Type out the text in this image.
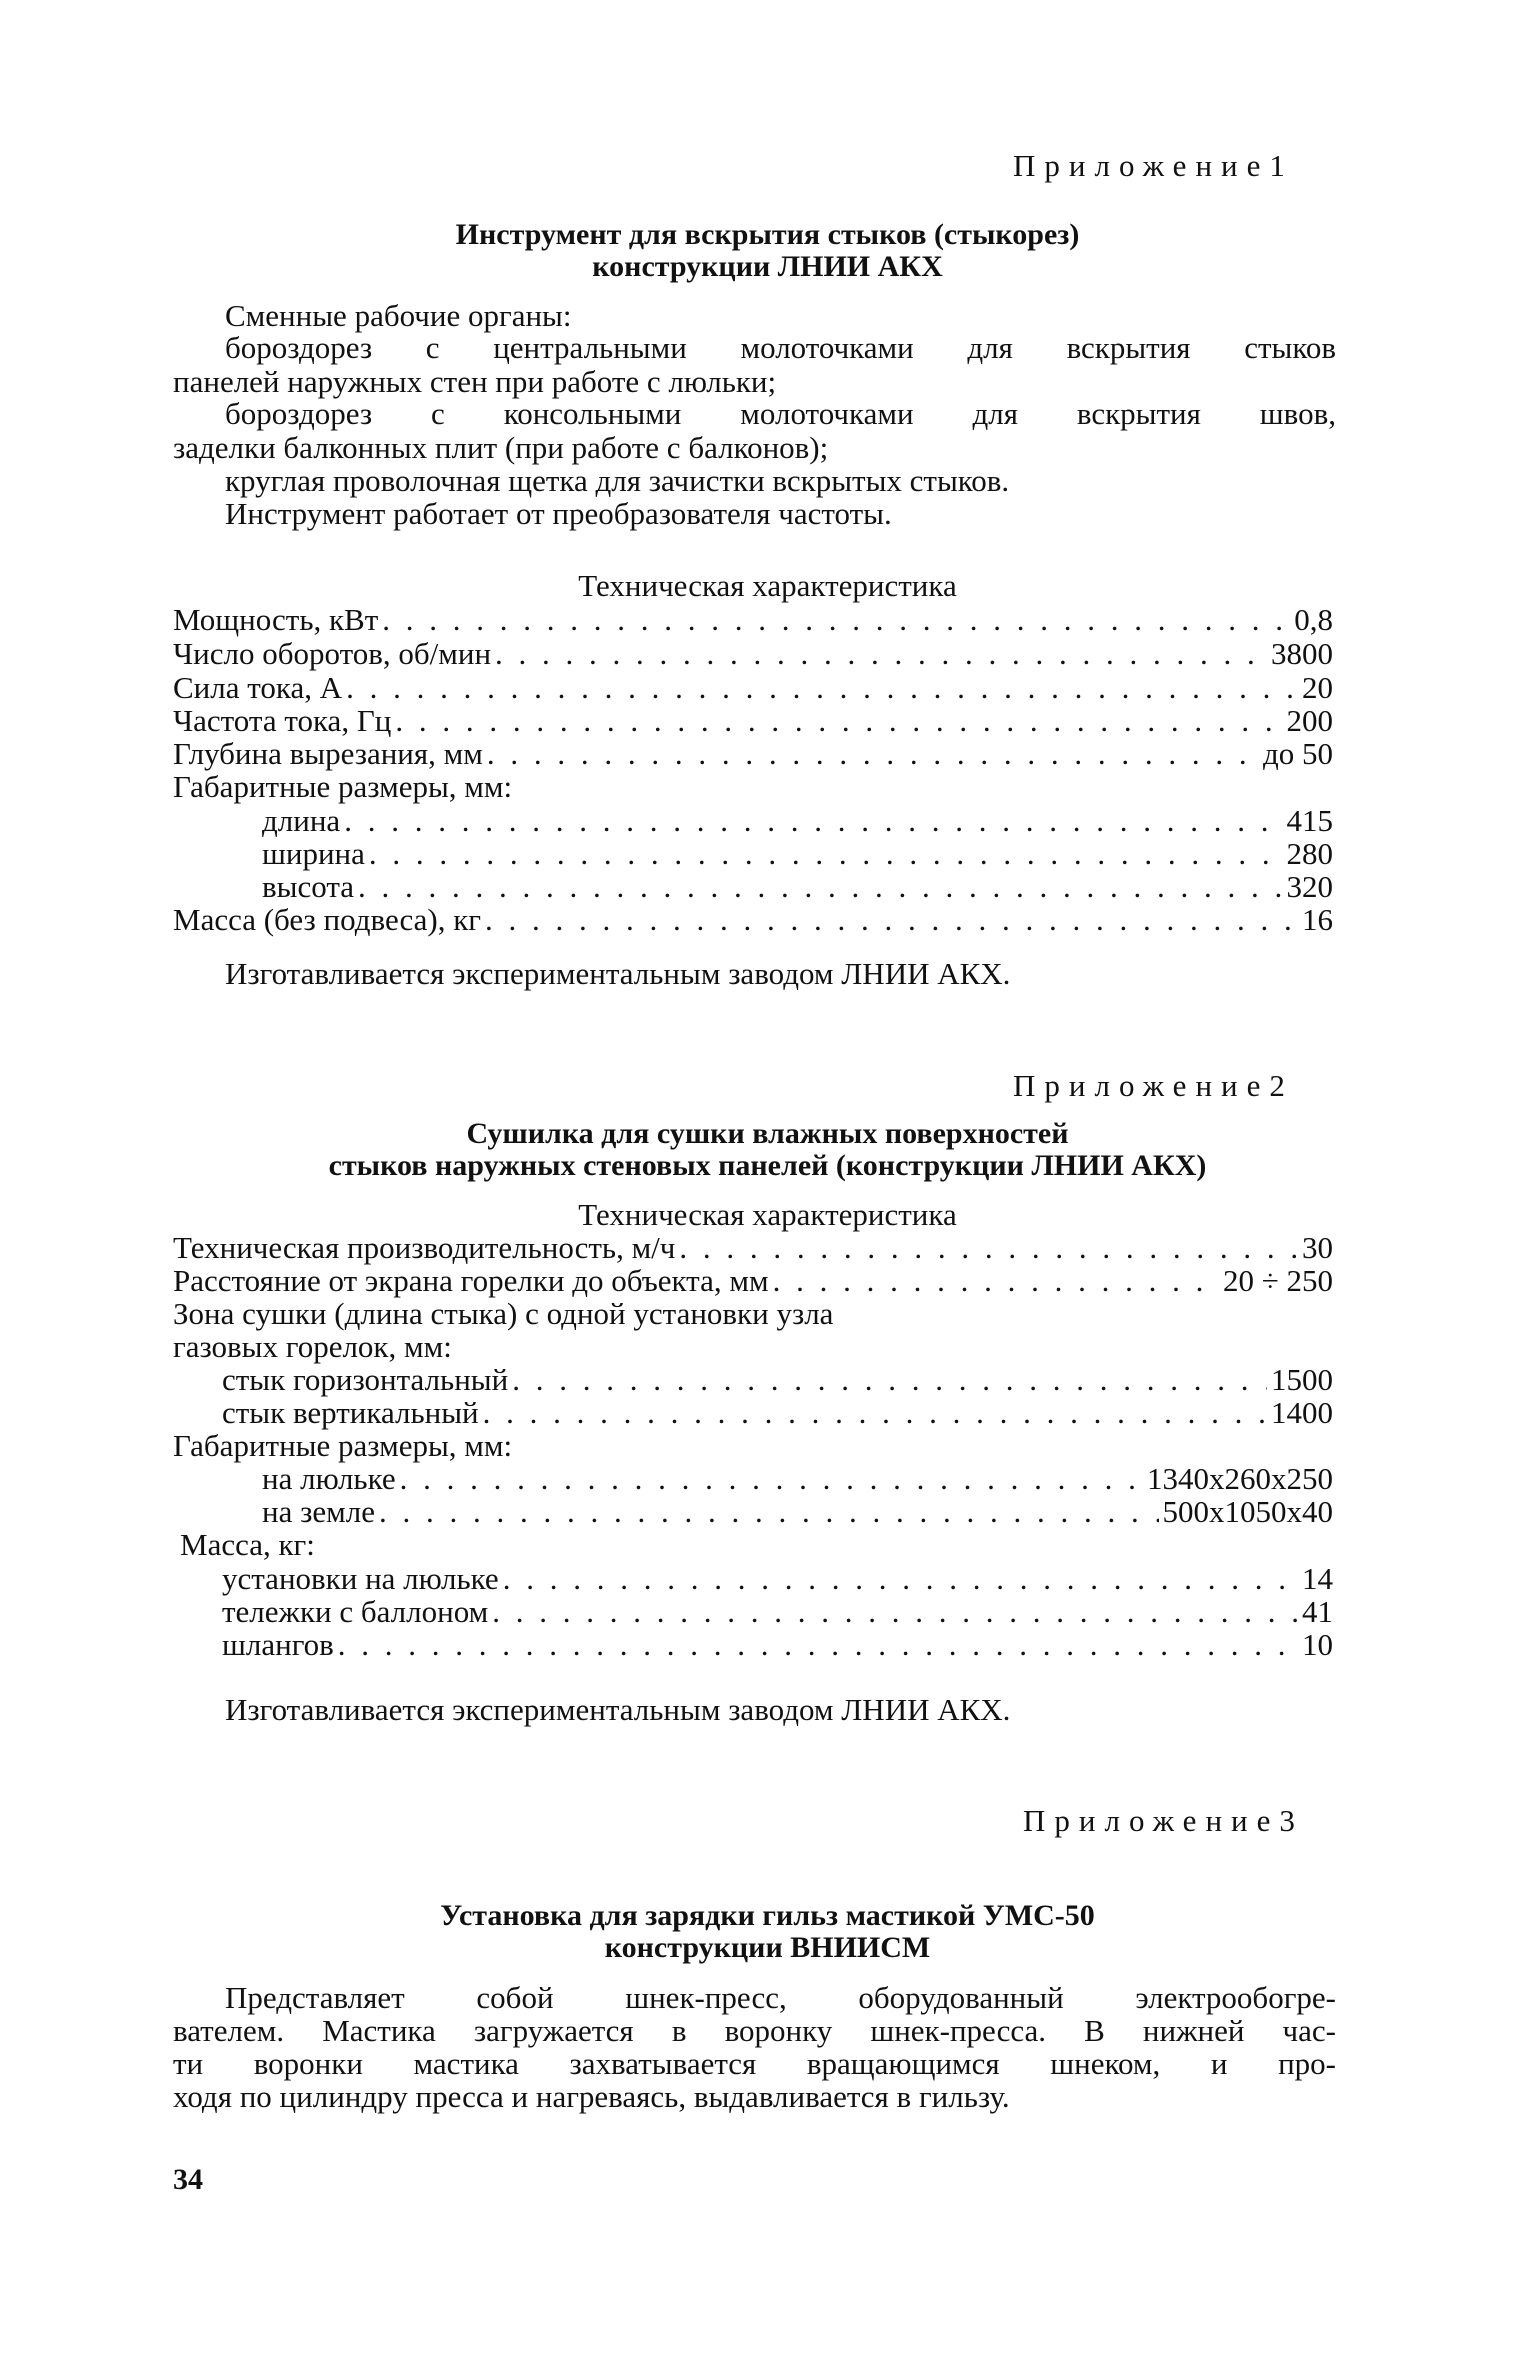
Приложение1
Инструмент для вскрытия стыков (стыкорез)
конструкции ЛНИИ АКХ
Сменные рабочие органы:
бороздорез с центральными молоточками для вскрытия стыков
панелей наружных стен при работе с люльки;
бороздорез с консольными молоточками для вскрытия швов,
заделки балконных плит (при работе с балконов);
круглая проволочная щетка для зачистки вскрытых стыков.
Инструмент работает от преобразователя частоты.
Техническая характеристика
Мощность, кВт . . .	0,8
Число оборотов, об/мин . . .	3800
Сила тока, А . . .	20
Частота тока, Гц . . .	200
Глубина вырезания, мм . . .	до 50
Габаритные размеры, мм:
длина . . .	415
ширина . . .	280
высота . . .	320
Масса (без подвеса), кг . . .	16
Изготавливается экспериментальным заводом ЛНИИ АКХ.
Приложение2
Сушилка для сушки влажных поверхностей
стыков наружных стеновых панелей (конструкции ЛНИИ АКХ)
Техническая характеристика
Техническая производительность, м/ч . . .	30
Расстояние от экрана горелки до объекта, мм . . .	20 ÷ 250
Зона сушки (длина стыка) с одной установки узла
газовых горелок, мм:
стык горизонтальный . . .	1500
стык вертикальный . . .	1400
Габаритные размеры, мм:
на люльке . . .	1340х260х250
на земле . . .	500х1050х40
Масса, кг:
установки на люльке . . .	14
тележки с баллоном . . .	41
шлангов . . .	10
Изготавливается экспериментальным заводом ЛНИИ АКХ.
Приложение3
Установка для зарядки гильз мастикой УМС-50
конструкции ВНИИСМ
Представляет собой шнек-пресс, оборудованный электрообогре-
вателем. Мастика загружается в воронку шнек-пресса. В нижней час-
ти воронки мастика захватывается вращающимся шнеком, и про-
ходя по цилиндру пресса и нагреваясь, выдавливается в гильзу.
34
